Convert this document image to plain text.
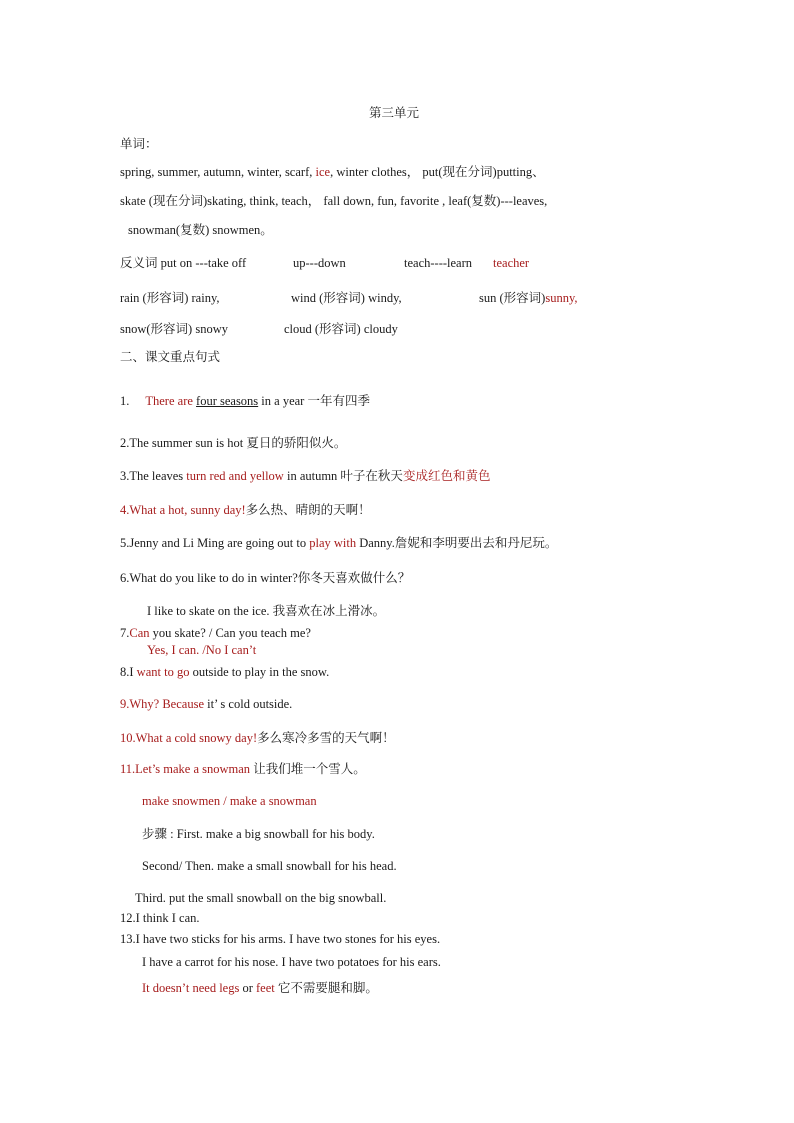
第三单元
单词：
spring, summer, autumn, winter, scarf, ice, winter clothes， put(现在分词)putting、
skate (现在分词)skating, think, teach， fall down, fun, favorite , leaf(复数)---leaves,
snowman(复数) snowmen。
反义词 put on ---take off	up---down	teach----learn teacher
rain (形容词) rainy,	wind (形容词) windy,	sun (形容词)sunny,
snow(形容词) snowy	cloud (形容词) cloudy
二、课文重点句式
1. There are four seasons in a year 一年有四季
2.The summer sun is hot 夏日的骄阳似火。
3.The leaves turn red and yellow in autumn 叶子在秋天变成红色和黄色
4.What a hot, sunny day!多么热、晴朗的天啊！
5.Jenny and Li Ming are going out to play with Danny.詹妮和李明要出去和丹尼玩。
6.What do you like to do in winter?你冬天喜欢做什么？
I like to skate on the ice. 我喜欢在冰上滑冰。
7.Can you skate? / Can you teach me?
Yes, I can. /No I can’t
8.I want to go outside to play in the snow.
9.Why? Because it’ s cold outside.
10.What a cold snowy day!多么寒冷多雪的天气啊！
11.Let’s make a snowman 让我们堆一个雪人。
make snowmen / make a snowman
步骤 : First. make a big snowball for his body.
Second/ Then. make a small snowball for his head.
Third. put the small snowball on the big snowball.
12.I think I can.
13.I have two sticks for his arms. I have two stones for his eyes.
I have a carrot for his nose. I have two potatoes for his ears.
It doesn’t need legs or feet 它不需要腿和脚。
